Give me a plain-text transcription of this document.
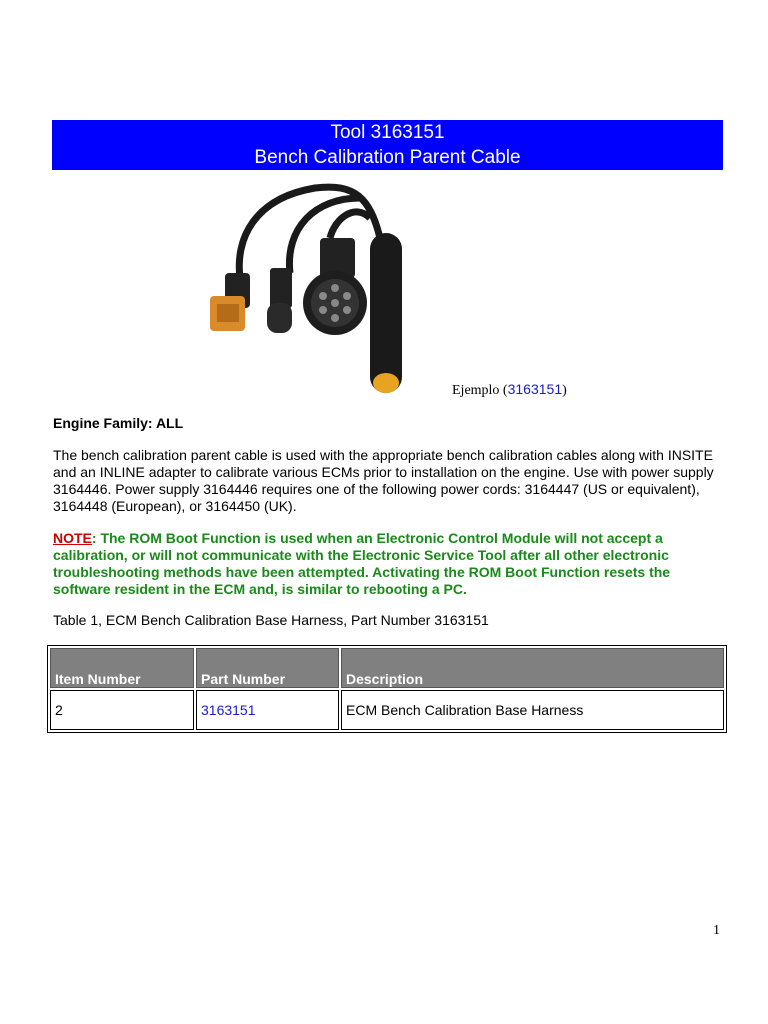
Tool 3163151
Bench Calibration Parent Cable
Ejemplo (3163151)
Engine Family: ALL
The bench calibration parent cable is used with the appropriate bench calibration cables along with INSITE and an INLINE adapter to calibrate various ECMs prior to installation on the engine. Use with power supply 3164446. Power supply 3164446 requires one of the following power cords: 3164447 (US or equivalent), 3164448 (European), or 3164450 (UK).
NOTE: The ROM Boot Function is used when an Electronic Control Module will not accept a calibration, or will not communicate with the Electronic Service Tool after all other electronic troubleshooting methods have been attempted. Activating the ROM Boot Function resets the software resident in the ECM and, is similar to rebooting a PC.
Table 1, ECM Bench Calibration Base Harness, Part Number 3163151
Item Number	Part Number	Description
2	3163151	ECM Bench Calibration Base Harness
1
